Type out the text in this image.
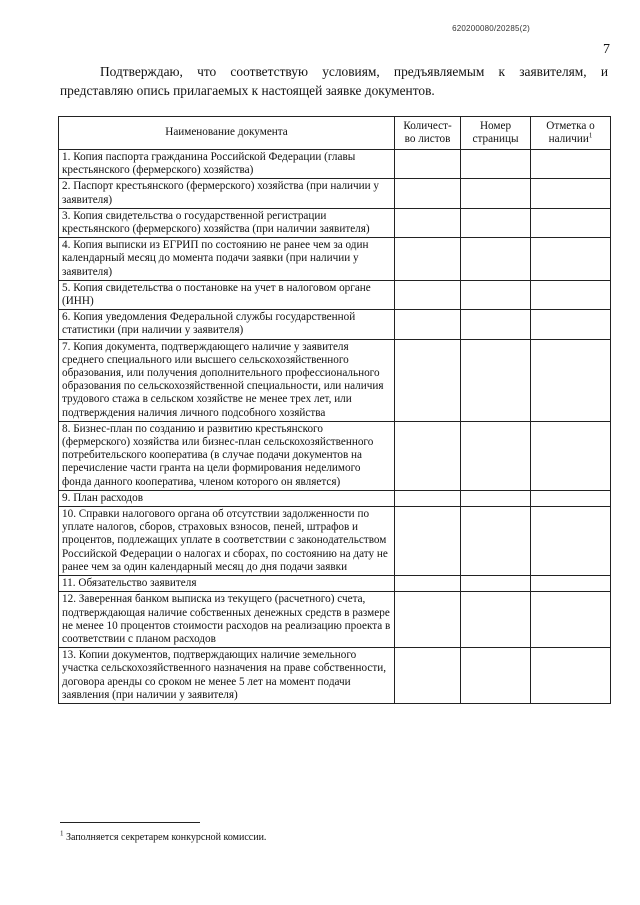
620200080/20285(2)
7

Подтверждаю, что соответствую условиям, предъявляемым к заявителям, и представляю опись прилагаемых к настоящей заявке документов.

Наименование документа	Количест-во листов	Номер страницы	Отметка о наличии$^1$
1. Копия паспорта гражданина Российской Федерации (главы крестьянского (фермерского) хозяйства)			
2. Паспорт крестьянского (фермерского) хозяйства (при наличии у заявителя)			
3. Копия свидетельства о государственной регистрации крестьянского (фермерского) хозяйства (при наличии заявителя)			
4. Копия выписки из ЕГРИП по состоянию не ранее чем за один календарный месяц до момента подачи заявки (при наличии у заявителя)			
5. Копия свидетельства о постановке на учет в налоговом органе (ИНН)			
6. Копия уведомления Федеральной службы государственной статистики (при наличии у заявителя)			
7. Копия документа, подтверждающего наличие у заявителя среднего специального или высшего сельскохозяйственного образования, или получения дополнительного профессионального образования по сельскохозяйственной специальности, или наличия трудового стажа в сельском хозяйстве не менее трех лет, или подтверждения наличия личного подсобного хозяйства			
8. Бизнес-план по созданию и развитию крестьянского (фермерского) хозяйства или бизнес-план сельскохозяйственного потребительского кооператива (в случае подачи документов на перечисление части гранта на цели формирования неделимого фонда данного кооператива, членом которого он является)			
9. План расходов			
10. Справки налогового органа об отсутствии задолженности по уплате налогов, сборов, страховых взносов, пеней, штрафов и процентов, подлежащих уплате в соответствии с законодательством Российской Федерации о налогах и сборах, по состоянию на дату не ранее чем за один календарный месяц до дня подачи заявки			
11. Обязательство заявителя			
12. Заверенная банком выписка из текущего (расчетного) счета, подтверждающая наличие собственных денежных средств в размере не менее 10 процентов стоимости расходов на реализацию проекта в соответствии с планом расходов			
13. Копии документов, подтверждающих наличие земельного участка сельскохозяйственного назначения на праве собственности, договора аренды со сроком не менее 5 лет на момент подачи заявления (при наличии у заявителя)			
$^1$ Заполняется секретарем конкурсной комиссии.
